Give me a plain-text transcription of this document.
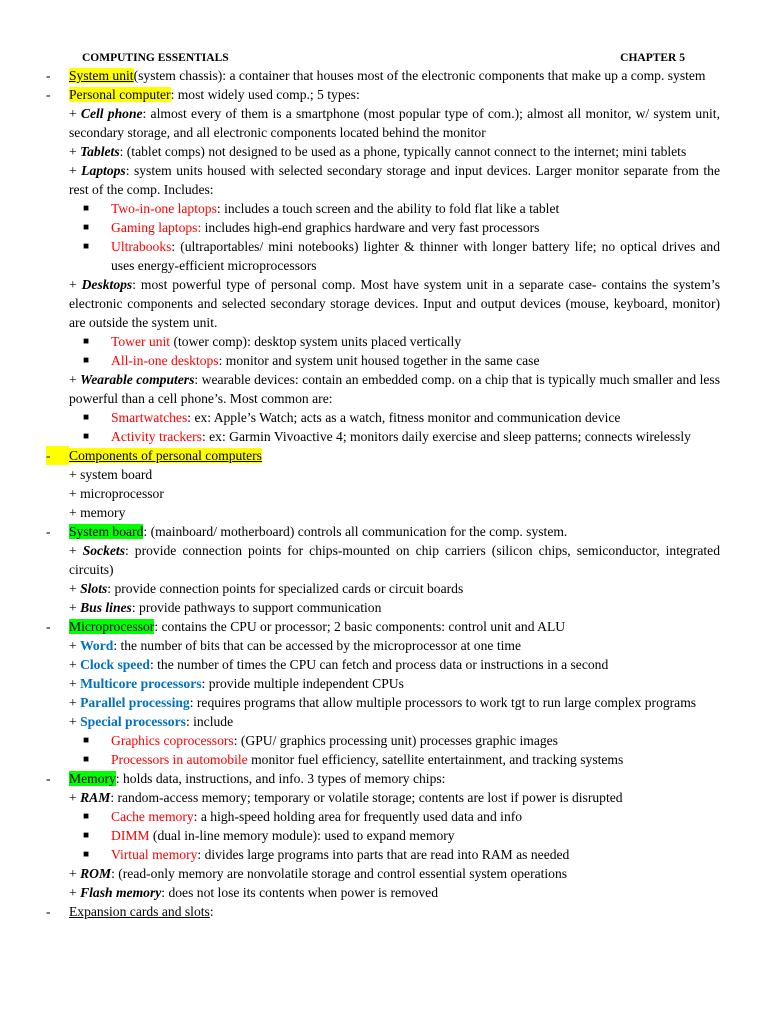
COMPUTING ESSENTIALS	CHAPTER 5
- System unit(system chassis): a container that houses most of the electronic components that make up a comp. system
- Personal computer: most widely used comp.; 5 types:
+ Cell phone: almost every of them is a smartphone (most popular type of com.); almost all monitor, w/ system unit, secondary storage, and all electronic components located behind the monitor
+ Tablets: (tablet comps) not designed to be used as a phone, typically cannot connect to the internet; mini tablets
+ Laptops: system units housed with selected secondary storage and input devices. Larger monitor separate from the rest of the comp. Includes:
■ Two-in-one laptops: includes a touch screen and the ability to fold flat like a tablet
■ Gaming laptops: includes high-end graphics hardware and very fast processors
■ Ultrabooks: (ultraportables/ mini notebooks) lighter & thinner with longer battery life; no optical drives and uses energy-efficient microprocessors
+ Desktops: most powerful type of personal comp. Most have system unit in a separate case- contains the system’s electronic components and selected secondary storage devices. Input and output devices (mouse, keyboard, monitor) are outside the system unit.
■ Tower unit (tower comp): desktop system units placed vertically
■ All-in-one desktops: monitor and system unit housed together in the same case
+ Wearable computers: wearable devices: contain an embedded comp. on a chip that is typically much smaller and less powerful than a cell phone’s. Most common are:
■ Smartwatches: ex: Apple’s Watch; acts as a watch, fitness monitor and communication device
■ Activity trackers: ex: Garmin Vivoactive 4; monitors daily exercise and sleep patterns; connects wirelessly
-	Components of personal computers
+ system board
+ microprocessor
+ memory
- System board: (mainboard/ motherboard) controls all communication for the comp. system.
+ Sockets: provide connection points for chips-mounted on chip carriers (silicon chips, semiconductor, integrated circuits)
+ Slots: provide connection points for specialized cards or circuit boards
+ Bus lines: provide pathways to support communication
- Microprocessor: contains the CPU or processor; 2 basic components: control unit and ALU
+ Word: the number of bits that can be accessed by the microprocessor at one time
+ Clock speed: the number of times the CPU can fetch and process data or instructions in a second
+ Multicore processors: provide multiple independent CPUs
+ Parallel processing: requires programs that allow multiple processors to work tgt to run large complex programs
+ Special processors: include
■ Graphics coprocessors: (GPU/ graphics processing unit) processes graphic images
■ Processors in automobile monitor fuel efficiency, satellite entertainment, and tracking systems
- Memory: holds data, instructions, and info. 3 types of memory chips:
+ RAM: random-access memory; temporary or volatile storage; contents are lost if power is disrupted
■ Cache memory: a high-speed holding area for frequently used data and info
■ DIMM (dual in-line memory module): used to expand memory
■ Virtual memory: divides large programs into parts that are read into RAM as needed
+ ROM: (read-only memory are nonvolatile storage and control essential system operations
+ Flash memory: does not lose its contents when power is removed
- Expansion cards and slots:
